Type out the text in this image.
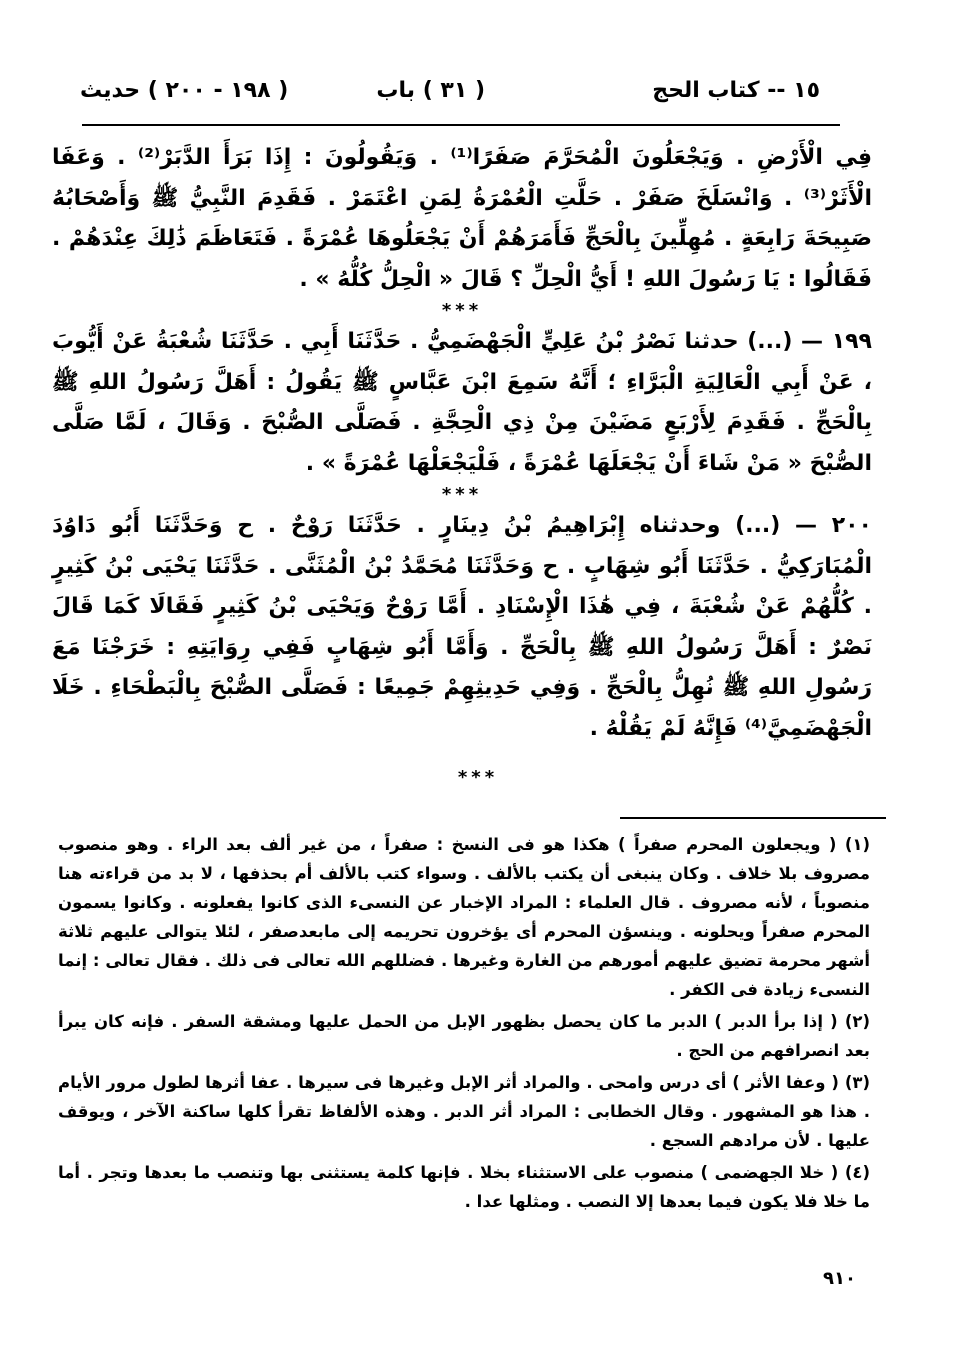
١٥ -- كتاب الحج
( ٣١ ) باب
( ١٩٨ - ٢٠٠ ) حديث

فِي الْأَرْضِ . وَيَجْعَلُونَ الْمُحَرَّمَ صَفَرًا⁽¹⁾ . وَيَقُولُونَ : إِذَا بَرَأَ الدَّبَرْ⁽²⁾ . وَعَفَا الْأَثَرْ⁽³⁾ . وَانْسَلَخَ صَفَرْ . حَلَّتِ الْعُمْرَةُ لِمَنِ اعْتَمَرْ . فَقَدِمَ النَّبِيُّ ﷺ وَأَصْحَابُهُ صَبِيحَةَ رَابِعَةٍ . مُهِلِّينَ بِالْحَجِّ فَأَمَرَهُمْ أَنْ يَجْعَلُوهَا عُمْرَةً . فَتَعَاظَمَ ذَٰلِكَ عِنْدَهُمْ . فَقَالُوا : يَا رَسُولَ اللهِ ! أَيُّ الْحِلِّ ؟ قَالَ « الْحِلُّ كُلُّهُ » .

***

١٩٩ — (...) حدثنا نَصْرُ بْنُ عَلِيٍّ الْجَهْضَمِيُّ . حَدَّثَنَا أَبِي . حَدَّثَنَا شُعْبَةُ عَنْ أَيُّوبَ ، عَنْ أَبِي الْعَالِيَةِ الْبَرَّاءِ ؛ أَنَّهُ سَمِعَ ابْنَ عَبَّاسٍ ﷺ يَقُولُ : أَهَلَّ رَسُولُ اللهِ ﷺ بِالْحَجِّ . فَقَدِمَ لِأَرْبَعٍ مَضَيْنَ مِنْ ذِي الْحِجَّةِ . فَصَلَّى الصُّبْحَ . وَقَالَ ، لَمَّا صَلَّى الصُّبْحَ « مَنْ شَاءَ أَنْ يَجْعَلَهَا عُمْرَةً ، فَلْيَجْعَلْهَا عُمْرَةً » .

***

٢٠٠ — (...) وحدثناه إِبْرَاهِيمُ بْنُ دِينَارٍ . حَدَّثَنَا رَوْحٌ . ح وَحَدَّثَنَا أَبُو دَاوُدَ الْمُبَارَكِيُّ . حَدَّثَنَا أَبُو شِهَابٍ . ح وَحَدَّثَنَا مُحَمَّدُ بْنُ الْمُثَنَّى . حَدَّثَنَا يَحْيَى بْنُ كَثِيرٍ . كُلُّهُمْ عَنْ شُعْبَةَ ، فِي هَٰذَا الْإِسْنَادِ . أَمَّا رَوْحٌ وَيَحْيَى بْنُ كَثِيرٍ فَقَالَا كَمَا قَالَ نَصْرٌ : أَهَلَّ رَسُولُ اللهِ ﷺ بِالْحَجِّ . وَأَمَّا أَبُو شِهَابٍ فَفِي رِوَايَتِهِ : خَرَجْنَا مَعَ رَسُولِ اللهِ ﷺ نُهِلُّ بِالْحَجِّ . وَفِي حَدِيثِهِمْ جَمِيعًا : فَصَلَّى الصُّبْحَ بِالْبَطْحَاءِ . خَلَا الْجَهْضَمِيَّ⁽⁴⁾ فَإِنَّهُ لَمْ يَقُلْهُ .

***

(١) ( ويجعلون المحرم صفراً ) هكذا هو فى النسخ : صفراً ، من غير ألف بعد الراء . وهو منصوب مصروف بلا خلاف . وكان ينبغى أن يكتب بالألف . وسواء كتب بالألف أم بحذفها ، لا بد من قراءته هنا منصوباً ، لأنه مصروف . قال العلماء : المراد الإخبار عن النسىء الذى كانوا يفعلونه . وكانوا يسمون المحرم صفراً ويحلونه . وينسؤن المحرم أى يؤخرون تحريمه إلى مابعدصفر ، لئلا يتوالى عليهم ثلاثة أشهر محرمة تضيق عليهم أمورهم من الغارة وغيرها . فضللهم الله تعالى فى ذلك . فقال تعالى : إنما النسىء زيادة فى الكفر .

(٢) ( إذا برأ الدبر ) الدبر ما كان يحصل بظهور الإبل من الحمل عليها ومشقة السفر . فإنه كان يبرأ بعد انصرافهم من الحج .

(٣) ( وعفا الأثر ) أى درس وامحى . والمراد أثر الإبل وغيرها فى سيرها . عفا أثرها لطول مرور الأيام . هذا هو المشهور . وقال الخطابى : المراد أثر الدبر . وهذه الألفاظ تقرأ كلها ساكنة الآخر ، ويوقف عليها . لأن مرادهم السجع .

(٤) ( خلا الجهضمى ) منصوب على الاستثناء بخلا . فإنها كلمة يستثنى بها وتنصب ما بعدها وتجر . أما ما خلا فلا يكون فيما بعدها إلا النصب . ومثلها عدا .

٩١٠
